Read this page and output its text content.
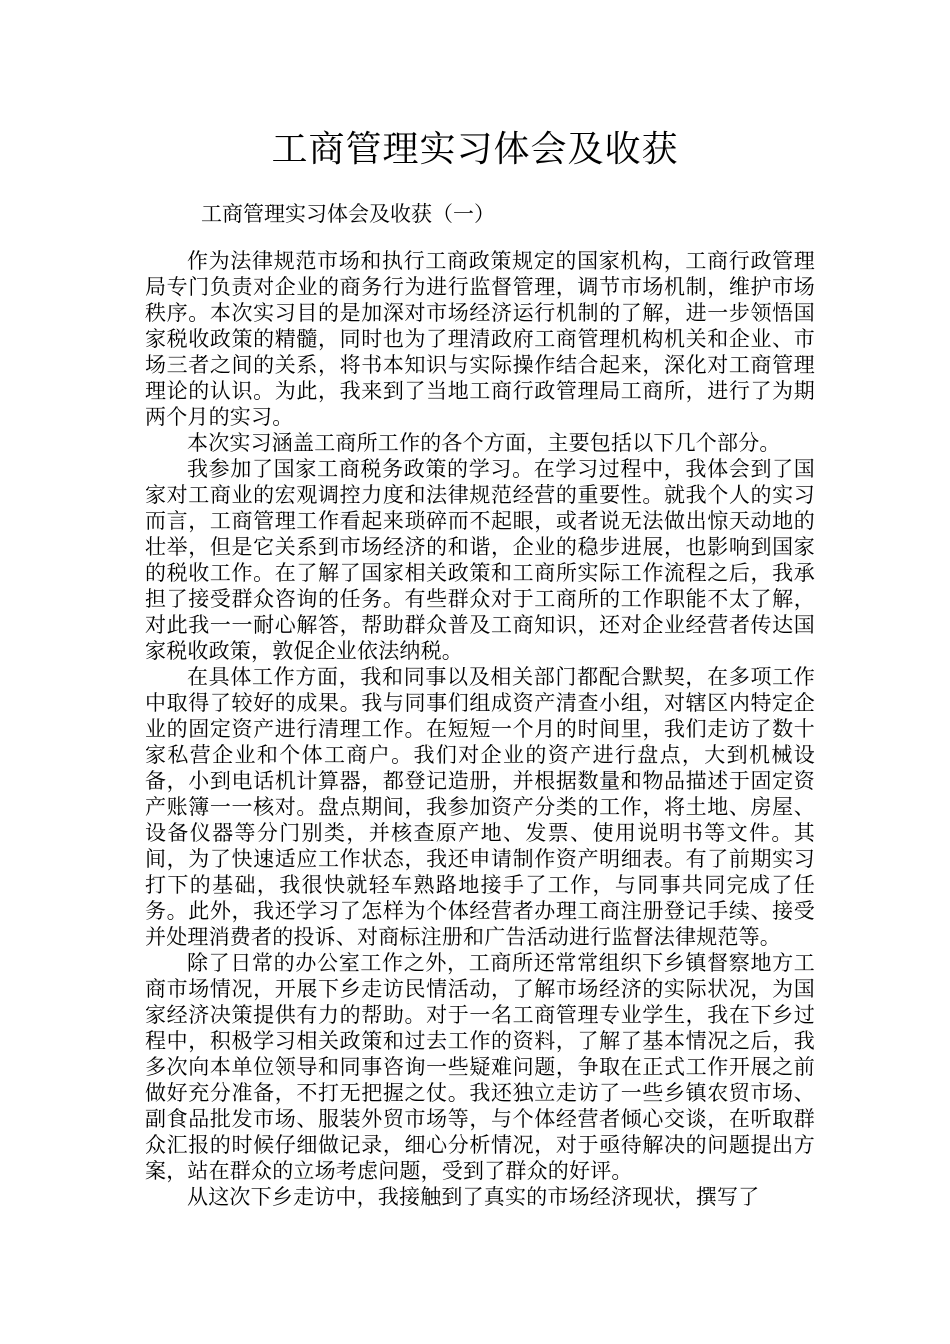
工商管理实习体会及收获

工商管理实习体会及收获（一）

作为法律规范市场和执行工商政策规定的国家机构，工商行政管理局专门负责对企业的商务行为进行监督管理，调节市场机制，维护市场秩序。本次实习目的是加深对市场经济运行机制的了解，进一步领悟国家税收政策的精髓，同时也为了理清政府工商管理机构机关和企业、市场三者之间的关系，将书本知识与实际操作结合起来，深化对工商管理理论的认识。为此，我来到了当地工商行政管理局工商所，进行了为期两个月的实习。

本次实习涵盖工商所工作的各个方面，主要包括以下几个部分。

我参加了国家工商税务政策的学习。在学习过程中，我体会到了国家对工商业的宏观调控力度和法律规范经营的重要性。就我个人的实习而言，工商管理工作看起来琐碎而不起眼，或者说无法做出惊天动地的壮举，但是它关系到市场经济的和谐，企业的稳步进展，也影响到国家的税收工作。在了解了国家相关政策和工商所实际工作流程之后，我承担了接受群众咨询的任务。有些群众对于工商所的工作职能不太了解，对此我一一耐心解答，帮助群众普及工商知识，还对企业经营者传达国家税收政策，敦促企业依法纳税。

在具体工作方面，我和同事以及相关部门都配合默契，在多项工作中取得了较好的成果。我与同事们组成资产清查小组，对辖区内特定企业的固定资产进行清理工作。在短短一个月的时间里，我们走访了数十家私营企业和个体工商户。我们对企业的资产进行盘点，大到机械设备，小到电话机计算器，都登记造册，并根据数量和物品描述于固定资产账簿一一核对。盘点期间，我参加资产分类的工作，将土地、房屋、设备仪器等分门别类，并核查原产地、发票、使用说明书等文件。其间，为了快速适应工作状态，我还申请制作资产明细表。有了前期实习打下的基础，我很快就轻车熟路地接手了工作，与同事共同完成了任务。此外，我还学习了怎样为个体经营者办理工商注册登记手续、接受并处理消费者的投诉、对商标注册和广告活动进行监督法律规范等。

除了日常的办公室工作之外，工商所还常常组织下乡镇督察地方工商市场情况，开展下乡走访民情活动，了解市场经济的实际状况，为国家经济决策提供有力的帮助。对于一名工商管理专业学生，我在下乡过程中，积极学习相关政策和过去工作的资料，了解了基本情况之后，我多次向本单位领导和同事咨询一些疑难问题，争取在正式工作开展之前做好充分准备，不打无把握之仗。我还独立走访了一些乡镇农贸市场、副食品批发市场、服装外贸市场等，与个体经营者倾心交谈，在听取群众汇报的时候仔细做记录，细心分析情况，对于亟待解决的问题提出方案，站在群众的立场考虑问题，受到了群众的好评。

从这次下乡走访中，我接触到了真实的市场经济现状，撰写了
